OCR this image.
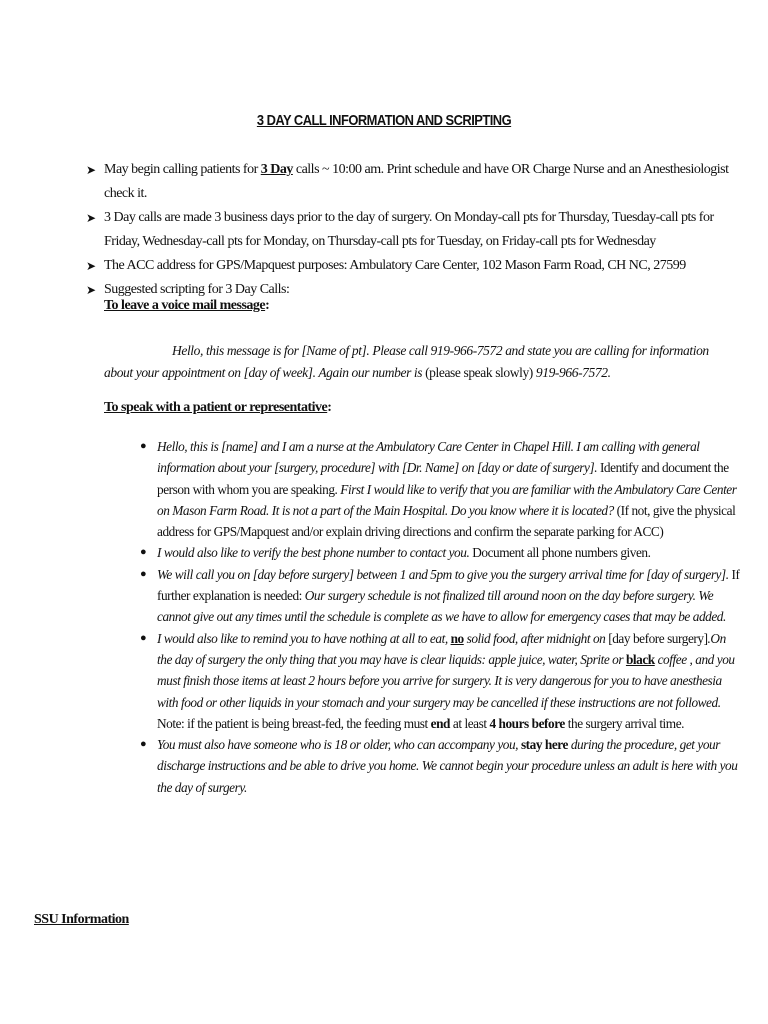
3 DAY CALL INFORMATION AND SCRIPTING
➤ May begin calling patients for 3 Day calls ~ 10:00 am. Print schedule and have OR Charge Nurse and an Anesthesiologist check it.
➤ 3 Day calls are made 3 business days prior to the day of surgery. On Monday-call pts for Thursday, Tuesday-call pts for Friday, Wednesday-call pts for Monday, on Thursday-call pts for Tuesday, on Friday-call pts for Wednesday
➤ The ACC address for GPS/Mapquest purposes: Ambulatory Care Center, 102 Mason Farm Road, CH NC, 27599
➤ Suggested scripting for 3 Day Calls:
To leave a voice mail message:
Hello, this message is for [Name of pt]. Please call 919-966-7572 and state you are calling for information about your appointment on [day of week]. Again our number is (please speak slowly) 919-966-7572.
To speak with a patient or representative:
● Hello, this is [name] and I am a nurse at the Ambulatory Care Center in Chapel Hill. I am calling with general information about your [surgery, procedure] with [Dr. Name] on [day or date of surgery]. Identify and document the person with whom you are speaking. First I would like to verify that you are familiar with the Ambulatory Care Center on Mason Farm Road. It is not a part of the Main Hospital. Do you know where it is located? (If not, give the physical address for GPS/Mapquest and/or explain driving directions and confirm the separate parking for ACC)
● I would also like to verify the best phone number to contact you. Document all phone numbers given.
● We will call you on [day before surgery] between 1 and 5pm to give you the surgery arrival time for [day of surgery]. If further explanation is needed: Our surgery schedule is not finalized till around noon on the day before surgery. We cannot give out any times until the schedule is complete as we have to allow for emergency cases that may be added.
● I would also like to remind you to have nothing at all to eat, no solid food, after midnight on [day before surgery].On the day of surgery the only thing that you may have is clear liquids: apple juice, water, Sprite or black coffee , and you must finish those items at least 2 hours before you arrive for surgery. It is very dangerous for you to have anesthesia with food or other liquids in your stomach and your surgery may be cancelled if these instructions are not followed. Note: if the patient is being breast-fed, the feeding must end at least 4 hours before the surgery arrival time.
● You must also have someone who is 18 or older, who can accompany you, stay here during the procedure, get your discharge instructions and be able to drive you home. We cannot begin your procedure unless an adult is here with you the day of surgery.
SSU Information
